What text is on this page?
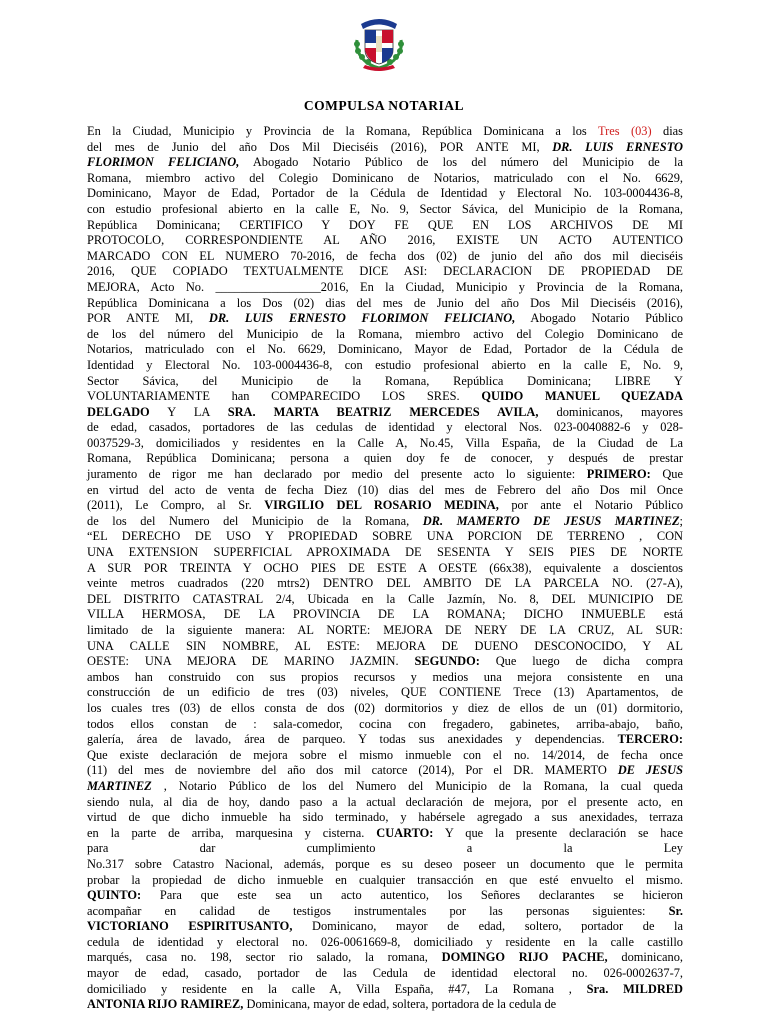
COMPULSA NOTARIAL
En la Ciudad, Municipio y Provincia de la Romana, República Dominicana a los Tres (03) dias
del mes de Junio del año Dos Mil Dieciséis (2016), POR ANTE MI, DR. LUIS ERNESTO
FLORIMON FELICIANO, Abogado Notario Público de los del número del Municipio de la
Romana, miembro activo del Colegio Dominicano de Notarios, matriculado con el No. 6629,
Dominicano, Mayor de Edad, Portador de la Cédula de Identidad y Electoral No. 103-0004436-8,
con estudio profesional abierto en la calle E, No. 9, Sector Sávica, del Municipio de la Romana,
República Dominicana; CERTIFICO Y DOY FE QUE EN LOS ARCHIVOS DE MI
PROTOCOLO, CORRESPONDIENTE AL AÑO 2016, EXISTE UN ACTO AUTENTICO
MARCADO CON EL NUMERO 70-2016, de fecha dos (02) de junio del año dos mil dieciséis
2016, QUE COPIADO TEXTUALMENTE DICE ASI: DECLARACION DE PROPIEDAD DE
MEJORA, Acto No. _________________2016, En la Ciudad, Municipio y Provincia de la Romana,
República Dominicana a los Dos (02) dias del mes de Junio del año Dos Mil Dieciséis (2016),
POR ANTE MI, DR. LUIS ERNESTO FLORIMON FELICIANO, Abogado Notario Público
de los del número del Municipio de la Romana, miembro activo del Colegio Dominicano de
Notarios, matriculado con el No. 6629, Dominicano, Mayor de Edad, Portador de la Cédula de
Identidad y Electoral No. 103-0004436-8, con estudio profesional abierto en la calle E, No. 9,
Sector Sávica, del Municipio de la Romana, República Dominicana; LIBRE Y
VOLUNTARIAMENTE han COMPARECIDO LOS SRES. QUIDO MANUEL QUEZADA
DELGADO Y LA SRA. MARTA BEATRIZ MERCEDES AVILA, dominicanos, mayores
de edad, casados, portadores de las cedulas de identidad y electoral Nos. 023-0040882-6 y 028-
0037529-3, domiciliados y residentes en la Calle A, No.45, Villa España, de la Ciudad de La
Romana, República Dominicana; persona a quien doy fe de conocer, y después de prestar
juramento de rigor me han declarado por medio del presente acto lo siguiente: PRIMERO: Que
en virtud del acto de venta de fecha Diez (10) dias del mes de Febrero del año Dos mil Once
(2011), Le Compro, al Sr. VIRGILIO DEL ROSARIO MEDINA, por ante el Notario Público
de los del Numero del Municipio de la Romana, DR. MAMERTO DE JESUS MARTINEZ;
“EL DERECHO DE USO Y PROPIEDAD SOBRE UNA PORCION DE TERRENO , CON
UNA EXTENSION SUPERFICIAL APROXIMADA DE SESENTA Y SEIS PIES DE NORTE
A SUR POR TREINTA Y OCHO PIES DE ESTE A OESTE (66x38), equivalente a doscientos
veinte metros cuadrados (220 mtrs2) DENTRO DEL AMBITO DE LA PARCELA NO. (27-A),
DEL DISTRITO CATASTRAL 2/4, Ubicada en la Calle Jazmín, No. 8, DEL MUNICIPIO DE
VILLA HERMOSA, DE LA PROVINCIA DE LA ROMANA; DICHO INMUEBLE está
limitado de la siguiente manera: AL NORTE: MEJORA DE NERY DE LA CRUZ, AL SUR:
UNA CALLE SIN NOMBRE, AL ESTE: MEJORA DE DUENO DESCONOCIDO, Y AL
OESTE: UNA MEJORA DE MARINO JAZMIN. SEGUNDO: Que luego de dicha compra
ambos han construido con sus propios recursos y medios una mejora consistente en una
construcción de un edificio de tres (03) niveles, QUE CONTIENE Trece (13) Apartamentos, de
los cuales tres (03) de ellos consta de dos (02) dormitorios y diez de ellos de un (01) dormitorio,
todos ellos constan de : sala-comedor, cocina con fregadero, gabinetes, arriba-abajo, baño,
galería, área de lavado, área de parqueo. Y todas sus anexidades y dependencias. TERCERO:
Que existe declaración de mejora sobre el mismo inmueble con el no. 14/2014, de fecha once
(11) del mes de noviembre del año dos mil catorce (2014), Por el DR. MAMERTO DE JESUS
MARTINEZ , Notario Público de los del Numero del Municipio de la Romana, la cual queda
siendo nula, al dia de hoy, dando paso a la actual declaración de mejora, por el presente acto, en
virtud de que dicho inmueble ha sido terminado, y habérsele agregado a sus anexidades, terraza
en la parte de arriba, marquesina y cisterna. CUARTO: Y que la presente declaración se hace
para dar cumplimiento a la Ley
No.317 sobre Catastro Nacional, además, porque es su deseo poseer un documento que le permita
probar la propiedad de dicho inmueble en cualquier transacción en que esté envuelto el mismo.
QUINTO: Para que este sea un acto autentico, los Señores declarantes se hicieron
acompañar en calidad de testigos instrumentales por las personas siguientes: Sr.
VICTORIANO ESPIRITUSANTO, Dominicano, mayor de edad, soltero, portador de la
cedula de identidad y electoral no. 026-0061669-8, domiciliado y residente en la calle castillo
marqués, casa no. 198, sector rio salado, la romana, DOMINGO RIJO PACHE, dominicano,
mayor de edad, casado, portador de las Cedula de identidad electoral no. 026-0002637-7,
domiciliado y residente en la calle A, Villa España, #47, La Romana , Sra. MILDRED
ANTONIA RIJO RAMIREZ, Dominicana, mayor de edad, soltera, portadora de la cedula de
